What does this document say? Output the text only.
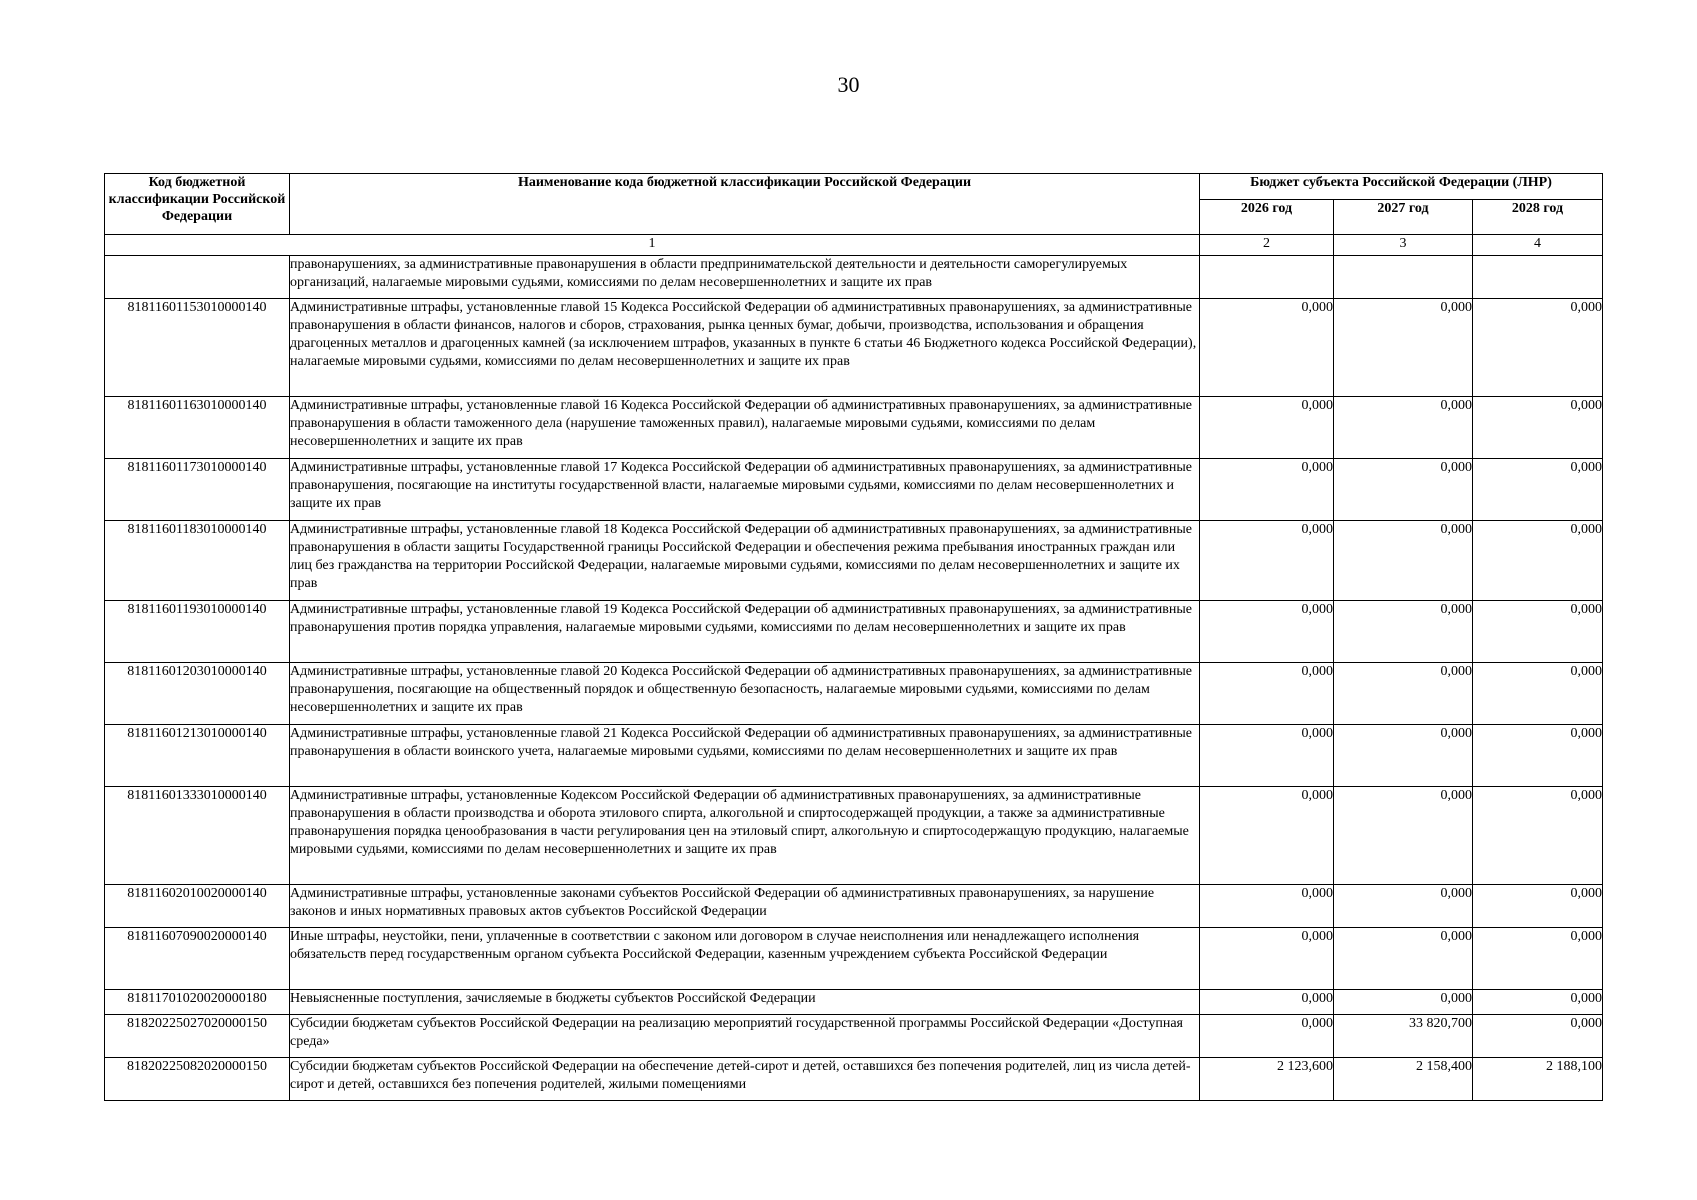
30
Код бюджетной классификации Российской Федерации	Наименование кода бюджетной классификации Российской Федерации	Бюджет субъекта Российской Федерации (ЛНР)		
		2026 год	2027 год	2028 год
1		2	3	4
	правонарушениях, за административные правонарушения в области предпринимательской деятельности и деятельности саморегулируемых организаций, налагаемые мировыми судьями, комиссиями по делам несовершеннолетних и защите их прав			
81811601153010000140	Административные штрафы, установленные главой 15 Кодекса Российской Федерации об административных правонарушениях, за административные правонарушения в области финансов, налогов и сборов, страхования, рынка ценных бумаг, добычи, производства, использования и обращения драгоценных металлов и драгоценных камней (за исключением штрафов, указанных в пункте 6 статьи 46 Бюджетного кодекса Российской Федерации), налагаемые мировыми судьями, комиссиями по делам несовершеннолетних и защите их прав	0,000	0,000	0,000
81811601163010000140	Административные штрафы, установленные главой 16 Кодекса Российской Федерации об административных правонарушениях, за административные правонарушения в области таможенного дела (нарушение таможенных правил), налагаемые мировыми судьями, комиссиями по делам несовершеннолетних и защите их прав	0,000	0,000	0,000
81811601173010000140	Административные штрафы, установленные главой 17 Кодекса Российской Федерации об административных правонарушениях, за административные правонарушения, посягающие на институты государственной власти, налагаемые мировыми судьями, комиссиями по делам несовершеннолетних и защите их прав	0,000	0,000	0,000
81811601183010000140	Административные штрафы, установленные главой 18 Кодекса Российской Федерации об административных правонарушениях, за административные правонарушения в области защиты Государственной границы Российской Федерации и обеспечения режима пребывания иностранных граждан или лиц без гражданства на территории Российской Федерации, налагаемые мировыми судьями, комиссиями по делам несовершеннолетних и защите их прав	0,000	0,000	0,000
81811601193010000140	Административные штрафы, установленные главой 19 Кодекса Российской Федерации об административных правонарушениях, за административные правонарушения против порядка управления, налагаемые мировыми судьями, комиссиями по делам несовершеннолетних и защите их прав	0,000	0,000	0,000
81811601203010000140	Административные штрафы, установленные главой 20 Кодекса Российской Федерации об административных правонарушениях, за административные правонарушения, посягающие на общественный порядок и общественную безопасность, налагаемые мировыми судьями, комиссиями по делам несовершеннолетних и защите их прав	0,000	0,000	0,000
81811601213010000140	Административные штрафы, установленные главой 21 Кодекса Российской Федерации об административных правонарушениях, за административные правонарушения в области воинского учета, налагаемые мировыми судьями, комиссиями по делам несовершеннолетних и защите их прав	0,000	0,000	0,000
81811601333010000140	Административные штрафы, установленные Кодексом Российской Федерации об административных правонарушениях, за административные правонарушения в области производства и оборота этилового спирта, алкогольной и спиртосодержащей продукции, а также за административные правонарушения порядка ценообразования в части регулирования цен на этиловый спирт, алкогольную и спиртосодержащую продукцию, налагаемые мировыми судьями, комиссиями по делам несовершеннолетних и защите их прав	0,000	0,000	0,000
81811602010020000140	Административные штрафы, установленные законами субъектов Российской Федерации об административных правонарушениях, за нарушение законов и иных нормативных правовых актов субъектов Российской Федерации	0,000	0,000	0,000
81811607090020000140	Иные штрафы, неустойки, пени, уплаченные в соответствии с законом или договором в случае неисполнения или ненадлежащего исполнения обязательств перед государственным органом субъекта Российской Федерации, казенным учреждением субъекта Российской Федерации	0,000	0,000	0,000
81811701020020000180	Невыясненные поступления, зачисляемые в бюджеты субъектов Российской Федерации	0,000	0,000	0,000
81820225027020000150	Субсидии бюджетам субъектов Российской Федерации на реализацию мероприятий государственной программы Российской Федерации «Доступная среда»	0,000	33 820,700	0,000
81820225082020000150	Субсидии бюджетам субъектов Российской Федерации на обеспечение детей-сирот и детей, оставшихся без попечения родителей, лиц из числа детей-сирот и детей, оставшихся без попечения родителей, жилыми помещениями	2 123,600	2 158,400	2 188,100
